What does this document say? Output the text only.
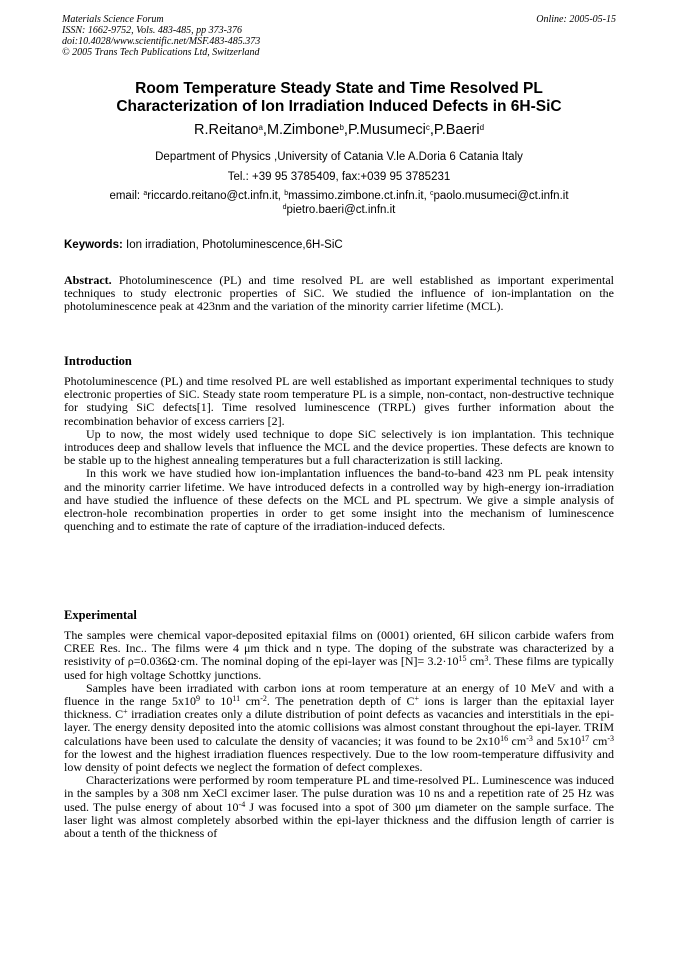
Materials Science Forum
ISSN: 1662-9752, Vols. 483-485, pp 373-376
doi:10.4028/www.scientific.net/MSF.483-485.373
© 2005 Trans Tech Publications Ltd, Switzerland
Online: 2005-05-15
Room Temperature Steady State and Time Resolved PL
Characterization of Ion Irradiation Induced Defects in 6H-SiC
R.Reitano$^a$,M.Zimbone$^b$,P.Musumeci$^c$,P.Baeri$^d$
Department of Physics ,University of Catania V.le A.Doria 6 Catania Italy
Tel.: +39 95 3785409, fax:+039 95 3785231
email: $^a$riccardo.reitano@ct.infn.it, $^b$massimo.zimbone.ct.infn.it, $^c$paolo.musumeci@ct.infn.it
$^d$pietro.baeri@ct.infn.it
Keywords: Ion irradiation, Photoluminescence,6H-SiC
Abstract. Photoluminescence (PL) and time resolved PL are well established as important experimental techniques to study electronic properties of SiC. We studied the influence of ion-implantation on the photoluminescence peak at 423nm and the variation of the minority carrier lifetime (MCL).
Introduction

Photoluminescence (PL) and time resolved PL are well established as important experimental techniques to study electronic properties of SiC. Steady state room temperature PL is a simple, non-contact, non-destructive technique for studying SiC defects[1]. Time resolved luminescence (TRPL) gives further information about the recombination behavior of excess carriers [2].

Up to now, the most widely used technique to dope SiC selectively is ion implantation. This technique introduces deep and shallow levels that influence the MCL and the device properties. These defects are known to be stable up to the highest annealing temperatures but a full characterization is still lacking.

In this work we have studied how ion-implantation influences the band-to-band 423 nm PL peak intensity and the minority carrier lifetime. We have introduced defects in a controlled way by high-energy ion-irradiation and have studied the influence of these defects on the MCL and PL spectrum. We give a simple analysis of electron-hole recombination properties in order to get some insight into the mechanism of luminescence quenching and to estimate the rate of capture of the irradiation-induced defects.

Experimental

The samples were chemical vapor-deposited epitaxial films on (0001) oriented, 6H silicon carbide wafers from CREE Res. Inc.. The films were 4 μm thick and n type. The doping of the substrate was characterized by a resistivity of ρ=0.036Ω·cm. The nominal doping of the epi-layer was $[N]= 3.2\cdot 10^{15}$ $cm^3$. These films are typically used for high voltage Schottky junctions.

Samples have been irradiated with carbon ions at room temperature at an energy of 10 MeV and with a fluence in the range $5x10^9$ to $10^{11}$ $cm^{-2}$. The penetration depth of C+ ions is larger than the epitaxial layer thickness. C+ irradiation creates only a dilute distribution of point defects as vacancies and interstitials in the epi-layer. The energy density deposited into the atomic collisions was almost constant throughout the epi-layer. TRIM calculations have been used to calculate the density of vacancies; it was found to be $2x10^{16}$ $cm^{-3}$ and $5x10^{17}$ $cm^{-3}$ for the lowest and the highest irradiation fluences respectively. Due to the low room-temperature diffusivity and low density of point defects we neglect the formation of defect complexes.

Characterizations were performed by room temperature PL and time-resolved PL. Luminescence was induced in the samples by a 308 nm XeCl excimer laser. The pulse duration was 10 ns and a repetition rate of 25 Hz was used. The pulse energy of about $10^{-4}$ J was focused into a spot of 300 μm diameter on the sample surface. The laser light was almost completely absorbed within the epi-layer thickness and the diffusion length of carrier is about a tenth of the thickness of
